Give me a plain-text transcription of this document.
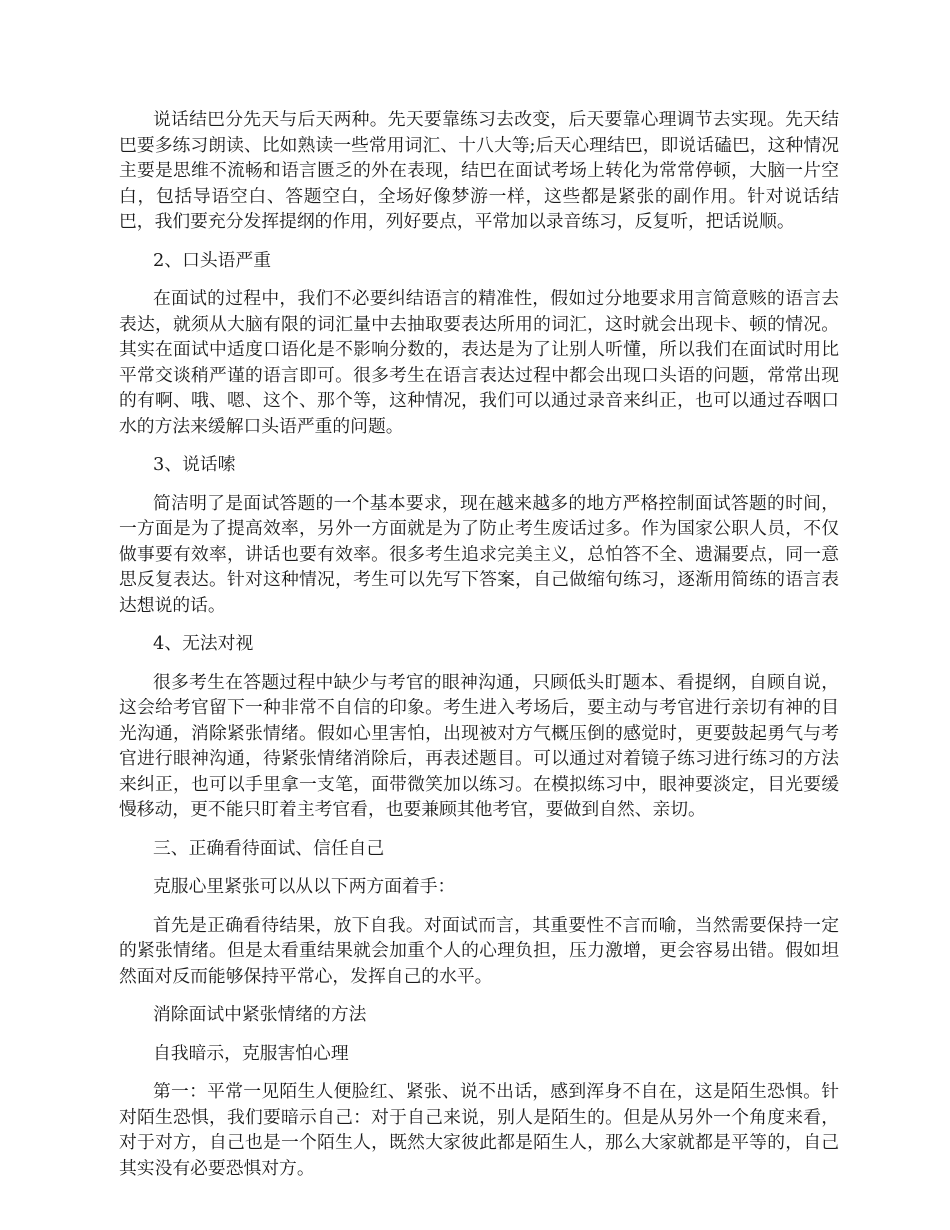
说话结巴分先天与后天两种。先天要靠练习去改变，后天要靠心理调节去实现。先天结巴要多练习朗读、比如熟读一些常用词汇、十八大等;后天心理结巴，即说话磕巴，这种情况主要是思维不流畅和语言匮乏的外在表现，结巴在面试考场上转化为常常停顿，大脑一片空白，包括导语空白、答题空白，全场好像梦游一样，这些都是紧张的副作用。针对说话结巴，我们要充分发挥提纲的作用，列好要点，平常加以录音练习，反复听，把话说顺。

2、口头语严重

在面试的过程中，我们不必要纠结语言的精准性，假如过分地要求用言简意赅的语言去表达，就须从大脑有限的词汇量中去抽取要表达所用的词汇，这时就会出现卡、顿的情况。其实在面试中适度口语化是不影响分数的，表达是为了让别人听懂，所以我们在面试时用比平常交谈稍严谨的语言即可。很多考生在语言表达过程中都会出现口头语的问题，常常出现的有啊、哦、嗯、这个、那个等，这种情况，我们可以通过录音来纠正，也可以通过吞咽口水的方法来缓解口头语严重的问题。

3、说话嗦

简洁明了是面试答题的一个基本要求，现在越来越多的地方严格控制面试答题的时间，一方面是为了提高效率，另外一方面就是为了防止考生废话过多。作为国家公职人员，不仅做事要有效率，讲话也要有效率。很多考生追求完美主义，总怕答不全、遗漏要点，同一意思反复表达。针对这种情况，考生可以先写下答案，自己做缩句练习，逐渐用简练的语言表达想说的话。

4、无法对视

很多考生在答题过程中缺少与考官的眼神沟通，只顾低头盯题本、看提纲，自顾自说，这会给考官留下一种非常不自信的印象。考生进入考场后，要主动与考官进行亲切有神的目光沟通，消除紧张情绪。假如心里害怕，出现被对方气概压倒的感觉时，更要鼓起勇气与考官进行眼神沟通，待紧张情绪消除后，再表述题目。可以通过对着镜子练习进行练习的方法来纠正，也可以手里拿一支笔，面带微笑加以练习。在模拟练习中，眼神要淡定，目光要缓慢移动，更不能只盯着主考官看，也要兼顾其他考官，要做到自然、亲切。

三、正确看待面试、信任自己

克服心里紧张可以从以下两方面着手：

首先是正确看待结果，放下自我。对面试而言，其重要性不言而喻，当然需要保持一定的紧张情绪。但是太看重结果就会加重个人的心理负担，压力激增，更会容易出错。假如坦然面对反而能够保持平常心，发挥自己的水平。

消除面试中紧张情绪的方法

自我暗示，克服害怕心理

第一：平常一见陌生人便脸红、紧张、说不出话，感到浑身不自在，这是陌生恐惧。针对陌生恐惧，我们要暗示自己：对于自己来说，别人是陌生的。但是从另外一个角度来看，对于对方，自己也是一个陌生人，既然大家彼此都是陌生人，那么大家就都是平等的，自己其实没有必要恐惧对方。
